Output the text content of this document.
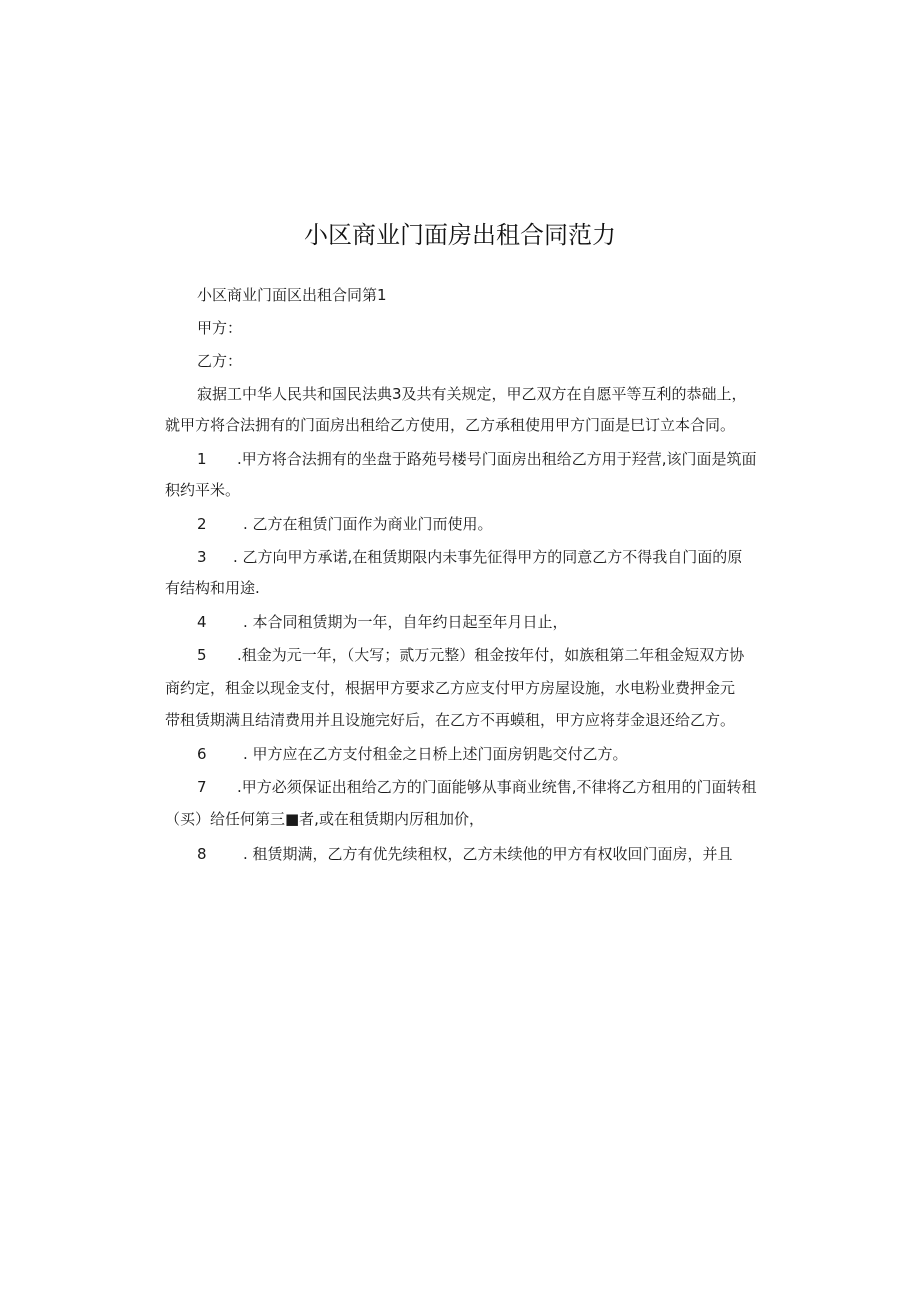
小区商业门面房出租合同范力
小区商业门面区出租合同第1
甲方：
乙方：
寂据工中华人民共和国民法典3及共有关规定，甲乙双方在自愿平等互利的恭础上，
就甲方将合法拥有的门面房出租给乙方使用，乙方承租使用甲方门面是巳订立本合同。
1 .甲方将合法拥有的坐盘于路苑号楼号门面房出租给乙方用于羟营,该门面是筑面
积约平米。
2 . 乙方在租赁门面作为商业门而使用。
3 . 乙方向甲方承诺,在租赁期限内未事先征得甲方的同意乙方不得我自门面的原
有结构和用途.
4 . 本合同租赁期为一年，自年约日起至年月日止，
5 .租金为元一年，（大写；贰万元整）租金按年付，如族租第二年租金短双方协
商约定，租金以现金支付，根据甲方要求乙方应支付甲方房屋设施，水电粉业费押金元
带租赁期满且结清费用并且设施完好后，在乙方不再蟆租，甲方应将芽金退还给乙方。
6 . 甲方应在乙方支付租金之日桥上述门面房钥匙交付乙方。
7 .甲方必须保证出租给乙方的门面能够从事商业统售,不律将乙方租用的门面转租
（买）给任何第三■者,或在租赁期内厉租加价，
8 . 租赁期满，乙方有优先续租权，乙方未续他的甲方有权收回门面房，并且
